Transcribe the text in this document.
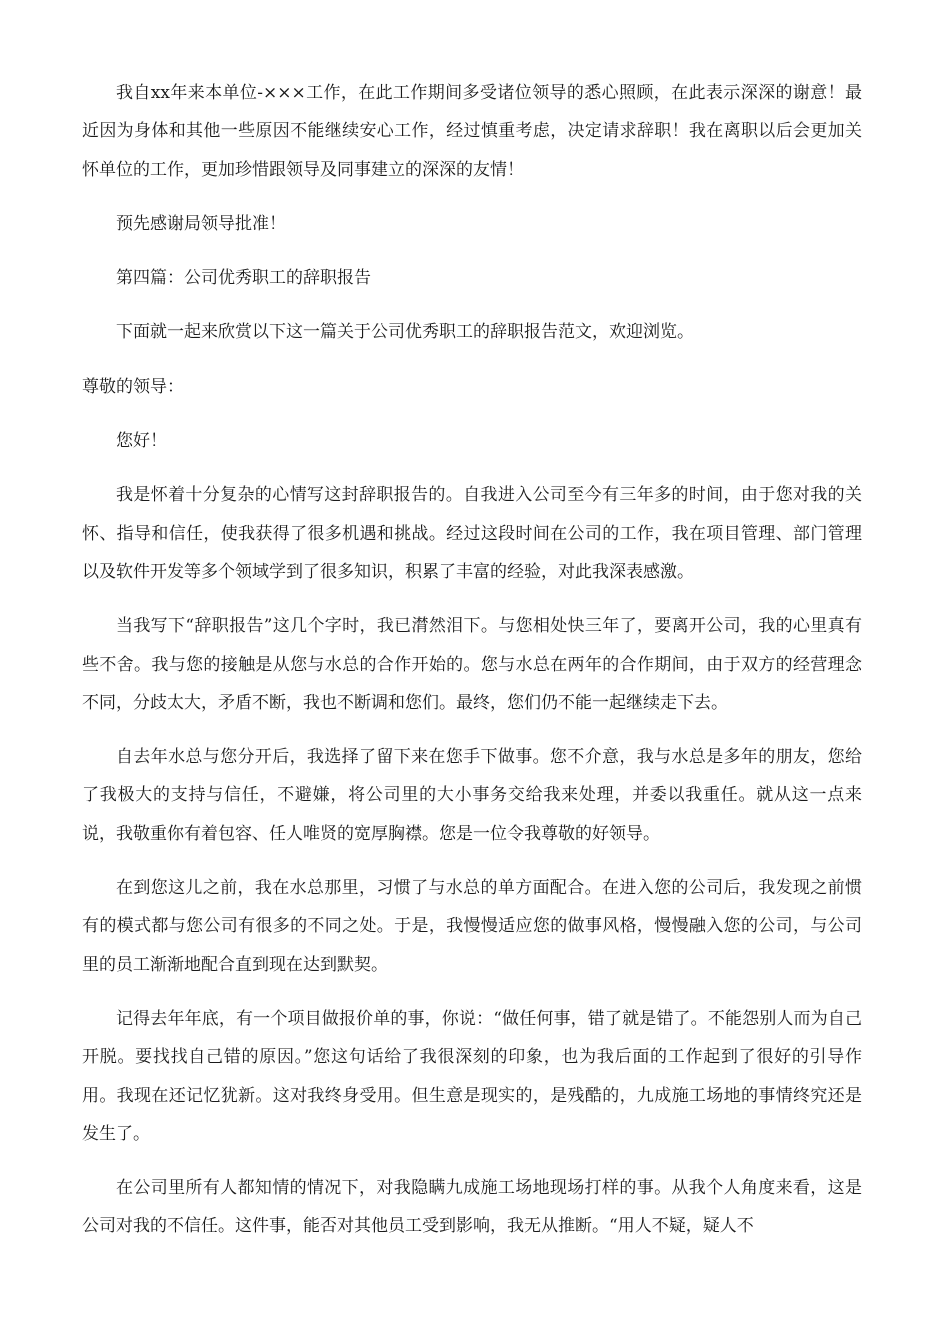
我自xx年来本单位-×××工作，在此工作期间多受诸位领导的悉心照顾，在此表示深深的谢意！最近因为身体和其他一些原因不能继续安心工作，经过慎重考虑，决定请求辞职！我在离职以后会更加关怀单位的工作，更加珍惜跟领导及同事建立的深深的友情！

预先感谢局领导批准！

第四篇：公司优秀职工的辞职报告

下面就一起来欣赏以下这一篇关于公司优秀职工的辞职报告范文，欢迎浏览。

尊敬的领导：

您好！

我是怀着十分复杂的心情写这封辞职报告的。自我进入公司至今有三年多的时间，由于您对我的关怀、指导和信任，使我获得了很多机遇和挑战。经过这段时间在公司的工作，我在项目管理、部门管理以及软件开发等多个领域学到了很多知识，积累了丰富的经验，对此我深表感激。

当我写下“辞职报告”这几个字时，我已潸然泪下。与您相处快三年了，要离开公司，我的心里真有些不舍。我与您的接触是从您与水总的合作开始的。您与水总在两年的合作期间，由于双方的经营理念不同，分歧太大，矛盾不断，我也不断调和您们。最终，您们仍不能一起继续走下去。

自去年水总与您分开后，我选择了留下来在您手下做事。您不介意，我与水总是多年的朋友，您给了我极大的支持与信任，不避嫌，将公司里的大小事务交给我来处理，并委以我重任。就从这一点来说，我敬重你有着包容、任人唯贤的宽厚胸襟。您是一位令我尊敬的好领导。

在到您这儿之前，我在水总那里，习惯了与水总的单方面配合。在进入您的公司后，我发现之前惯有的模式都与您公司有很多的不同之处。于是，我慢慢适应您的做事风格，慢慢融入您的公司，与公司里的员工渐渐地配合直到现在达到默契。

记得去年年底，有一个项目做报价单的事，你说：“做任何事，错了就是错了。不能怨别人而为自己开脱。要找找自己错的原因。”您这句话给了我很深刻的印象，也为我后面的工作起到了很好的引导作用。我现在还记忆犹新。这对我终身受用。但生意是现实的，是残酷的，九成施工场地的事情终究还是发生了。

在公司里所有人都知情的情况下，对我隐瞒九成施工场地现场打样的事。从我个人角度来看，这是公司对我的不信任。这件事，能否对其他员工受到影响，我无从推断。“用人不疑，疑人不
